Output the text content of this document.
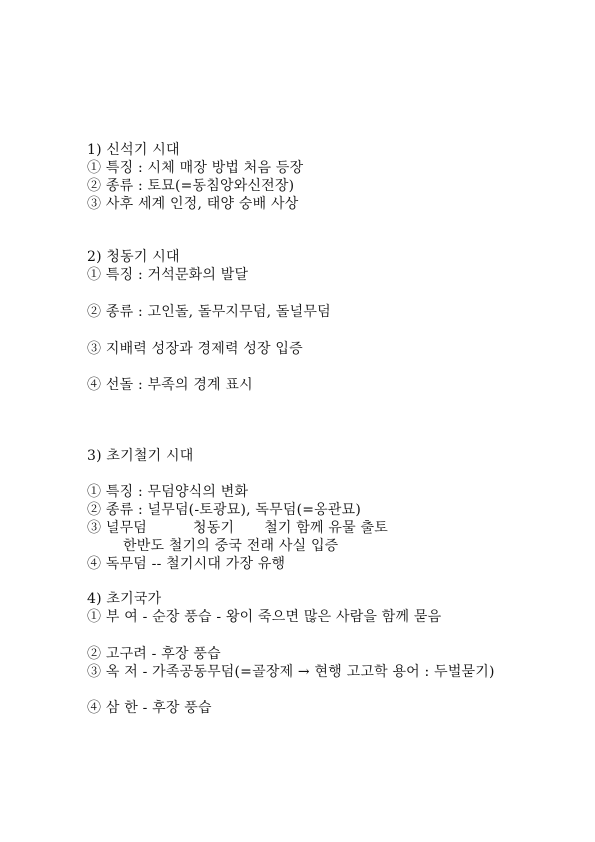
1) 신석기 시대
① 특징 : 시체 매장 방법 처음 등장
② 종류 : 토묘(=동침앙와신전장)
③ 사후 세계 인정, 태양 숭배 사상
2) 청동기 시대
① 특징 : 거석문화의 발달
② 종류 : 고인돌, 돌무지무덤, 돌널무덤
③ 지배력 성장과 경제력 성장 입증
④ 선돌 : 부족의 경계 표시
3) 초기철기 시대
① 특징 : 무덤양식의 변화
② 종류 : 널무덤(-토광묘), 독무덤(=옹관묘)
③ 널무덤	청동기 철기 함께 유물 출토
한반도 철기의 중국 전래 사실 입증
④ 독무덤 -- 철기시대 가장 유행
4) 초기국가
① 부 여 - 순장 풍습 - 왕이 죽으면 많은 사람을 함께 묻음
② 고구려 - 후장 풍습
③ 옥 저 - 가족공동무덤(=골장제 → 현행 고고학 용어 : 두벌묻기)
④ 삼 한 - 후장 풍습
